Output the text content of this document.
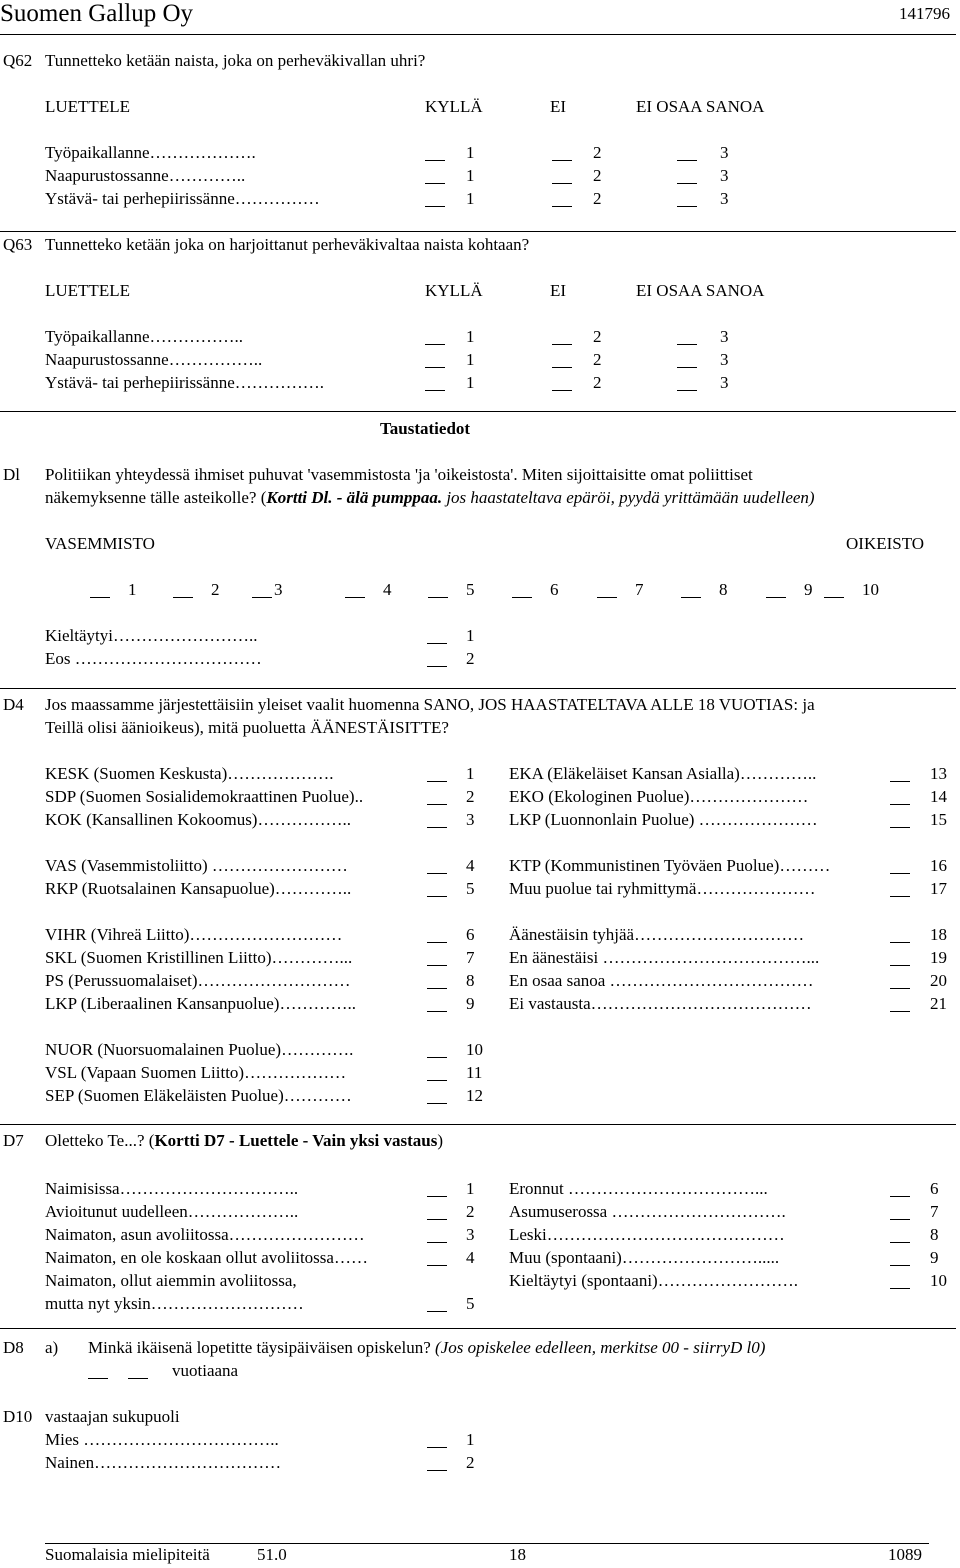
Suomen Gallup Oy	141796
Q62 Tunnetteko ketään naista, joka on perheväkivallan uhri?
LUETTELE	KYLLÄ	EI	EI OSAA SANOA
Työpaikallanne……………….	1	2	3
Naapurustossanne…………..	1	2	3
Ystävä- tai perhepiirissänne……………	1	2	3
Q63 Tunnetteko ketään joka on harjoittanut perheväkivaltaa naista kohtaan?
LUETTELE	KYLLÄ	EI	EI OSAA SANOA
Työpaikallanne……………..	1	2	3
Naapurustossanne……………..	1	2	3
Ystävä- tai perhepiirissänne…………….	1	2	3
Taustatiedot
Dl Politiikan yhteydessä ihmiset puhuvat 'vasemmistosta 'ja 'oikeistosta'. Miten sijoittaisitte omat poliittiset
näkemyksenne tälle asteikolle? (Kortti Dl. - älä pumppaa. jos haastateltava epäröi, pyydä yrittämään uudelleen)
VASEMMISTO	OIKEISTO
1	2	3	4	5	6	7	8	9	10
Kieltäytyi……………………..	1
Eos ……………………………	2
D4 Jos maassamme järjestettäisiin yleiset vaalit huomenna SANO, JOS HAASTATELTAVA ALLE 18 VUOTIAS: ja
Teillä olisi äänioikeus), mitä puoluetta ÄÄNESTÄISITTE?
KESK (Suomen Keskusta)……………….	1
SDP (Suomen Sosialidemokraattinen Puolue)..	2
KOK (Kansallinen Kokoomus)……………..	3
VAS (Vasemmistoliitto) ……………………	4
RKP (Ruotsalainen Kansapuolue)…………..	5
VIHR (Vihreä Liitto)………………………	6
SKL (Suomen Kristillinen Liitto)…………...	7
PS (Perussuomalaiset)………………………	8
LKP (Liberaalinen Kansanpuolue)…………..	9
NUOR (Nuorsuomalainen Puolue)………….	10
VSL (Vapaan Suomen Liitto)………………	11
SEP (Suomen Eläkeläisten Puolue)…………	12
EKA (Eläkeläiset Kansan Asialla)…………..	13
EKO (Ekologinen Puolue)…………………	14
LKP (Luonnonlain Puolue) …………………	15
KTP (Kommunistinen Työväen Puolue)………	16
Muu puolue tai ryhmittymä…………………	17
Äänestäisin tyhjää…………………………	18
En äänestäisi ………………………………...	19
En osaa sanoa ………………………………	20
Ei vastausta…………………………………	21
D7 Oletteko Te...? (Kortti D7 - Luettele - Vain yksi vastaus)
Naimisissa…………………………..	1
Avioitunut uudelleen………………..	2
Naimaton, asun avoliitossa……………………	3
Naimaton, en ole koskaan ollut avoliitossa……	4
Naimaton, ollut aiemmin avoliitossa,
mutta nyt yksin………………………	5
Eronnut ……………………………...	6
Asumuserossa ………………………….	7
Leski……………………………………	8
Muu (spontaani)…………………….....	9
Kieltäytyi (spontaani)…………………….	10
D8 a) Minkä ikäisenä lopetitte täysipäiväisen opiskelun? (Jos opiskelee edelleen, merkitse 00 - siirryD l0)
vuotiaana
D10 vastaajan sukupuoli
Mies ……………………………..	1
Nainen……………………………	2
Suomalaisia mielipiteitä	51.0	18	1089
